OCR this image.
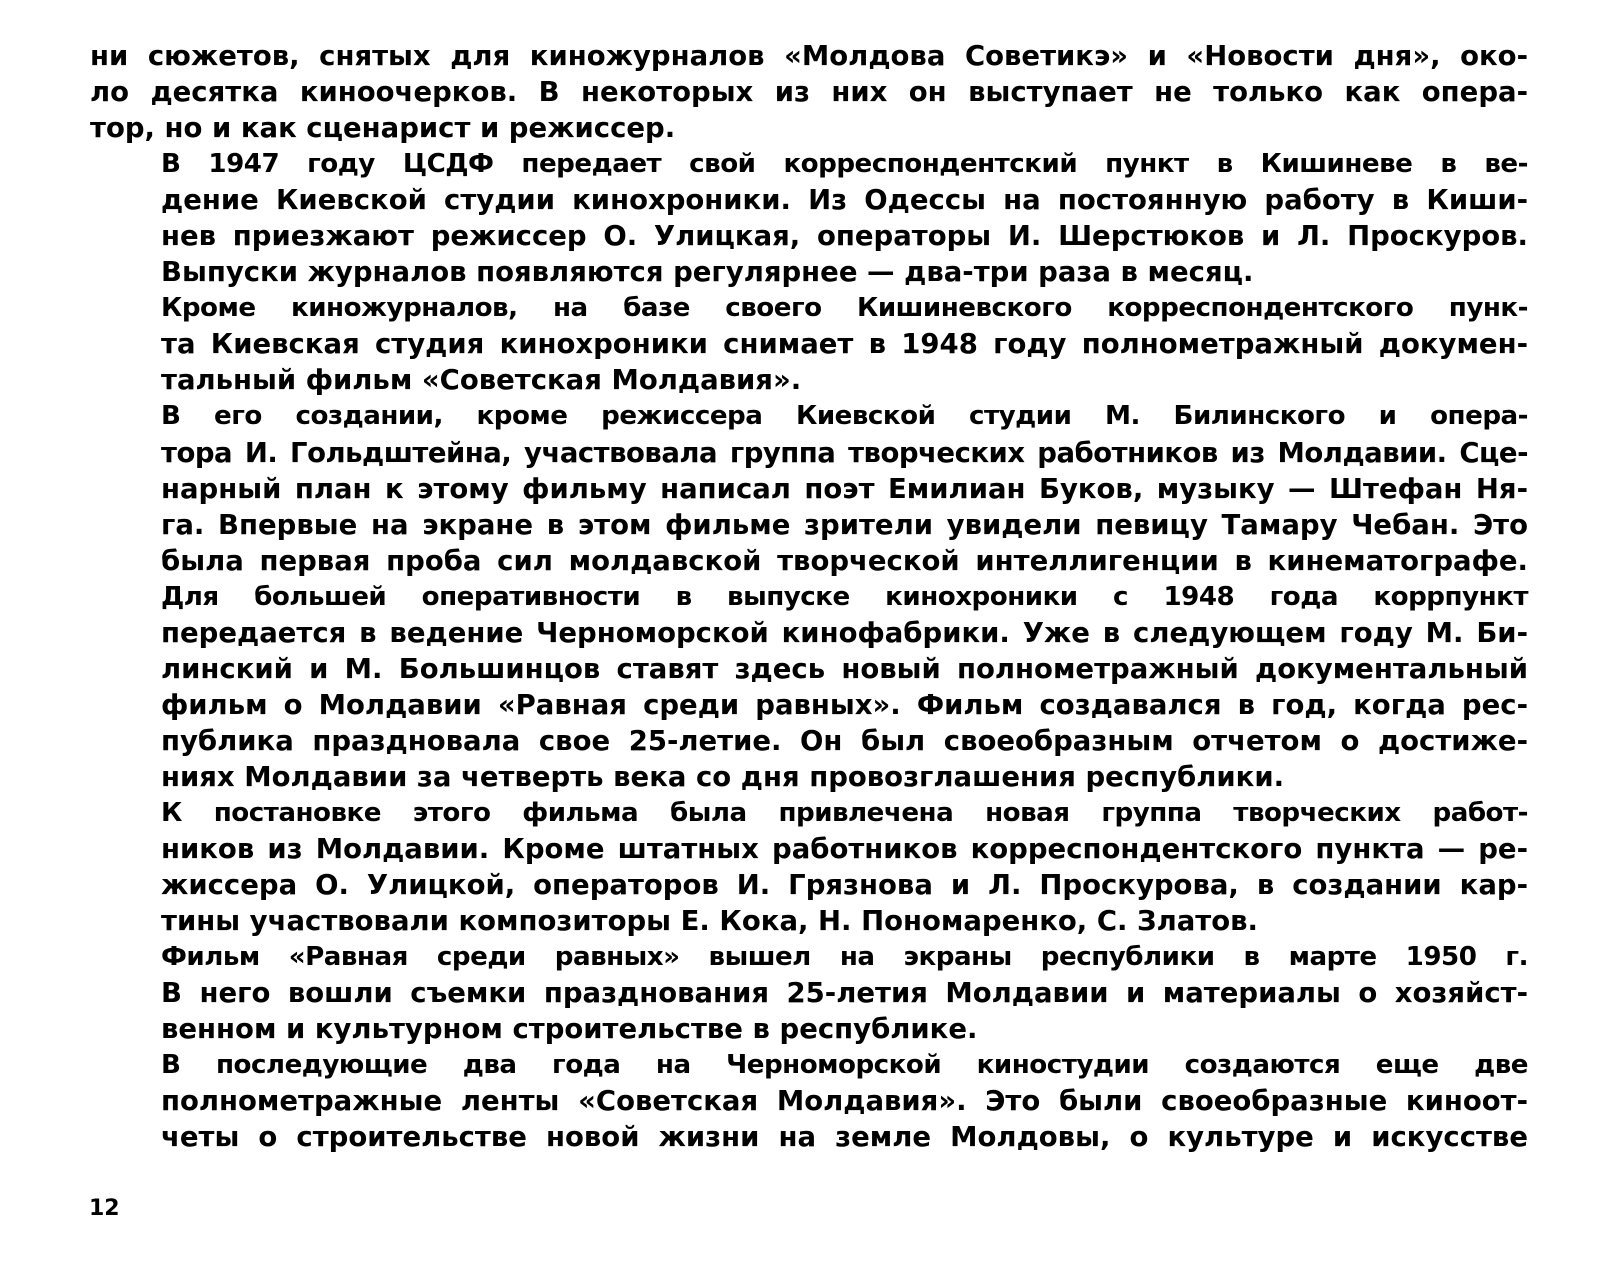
ни сюжетов, снятых для киножурналов «Молдова Советикэ» и «Новости дня», око-
ло десятка киноочерков. В некоторых из них он выступает не только как опера-
тор, но и как сценарист и режиссер.

В 1947 году ЦСДФ передает свой корреспондентский пункт в Кишиневе в ве-
дение Киевской студии кинохроники. Из Одессы на постоянную работу в Киши-
нев приезжают режиссер О. Улицкая, операторы И. Шерстюков и Л. Проскуров.
Выпуски журналов появляются регулярнее — два-три раза в месяц.

Кроме киножурналов, на базе своего Кишиневского корреспондентского пунк-
та Киевская студия кинохроники снимает в 1948 году полнометражный докумен-
тальный фильм «Советская Молдавия».

В его создании, кроме режиссера Киевской студии М. Билинского и опера-
тора И. Гольдштейна, участвовала группа творческих работников из Молдавии. Сце-
нарный план к этому фильму написал поэт Емилиан Буков, музыку — Штефан Ня-
га. Впервые на экране в этом фильме зрители увидели певицу Тамару Чебан. Это
была первая проба сил молдавской творческой интеллигенции в кинематографе.

Для большей оперативности в выпуске кинохроники с 1948 года коррпункт
передается в ведение Черноморской кинофабрики. Уже в следующем году М. Би-
линский и М. Большинцов ставят здесь новый полнометражный документальный
фильм о Молдавии «Равная среди равных». Фильм создавался в год, когда рес-
публика праздновала свое 25-летие. Он был своеобразным отчетом о достиже-
ниях Молдавии за четверть века со дня провозглашения республики.

К постановке этого фильма была привлечена новая группа творческих работ-
ников из Молдавии. Кроме штатных работников корреспондентского пункта — ре-
жиссера О. Улицкой, операторов И. Грязнова и Л. Проскурова, в создании кар-
тины участвовали композиторы Е. Кока, Н. Пономаренко, С. Златов.

Фильм «Равная среди равных» вышел на экраны республики в марте 1950 г.
В него вошли съемки празднования 25-летия Молдавии и материалы о хозяйст-
венном и культурном строительстве в республике.

В последующие два года на Черноморской киностудии создаются еще две
полнометражные ленты «Советская Молдавия». Это были своеобразные киноот-
четы о строительстве новой жизни на земле Молдовы, о культуре и искусстве

12
